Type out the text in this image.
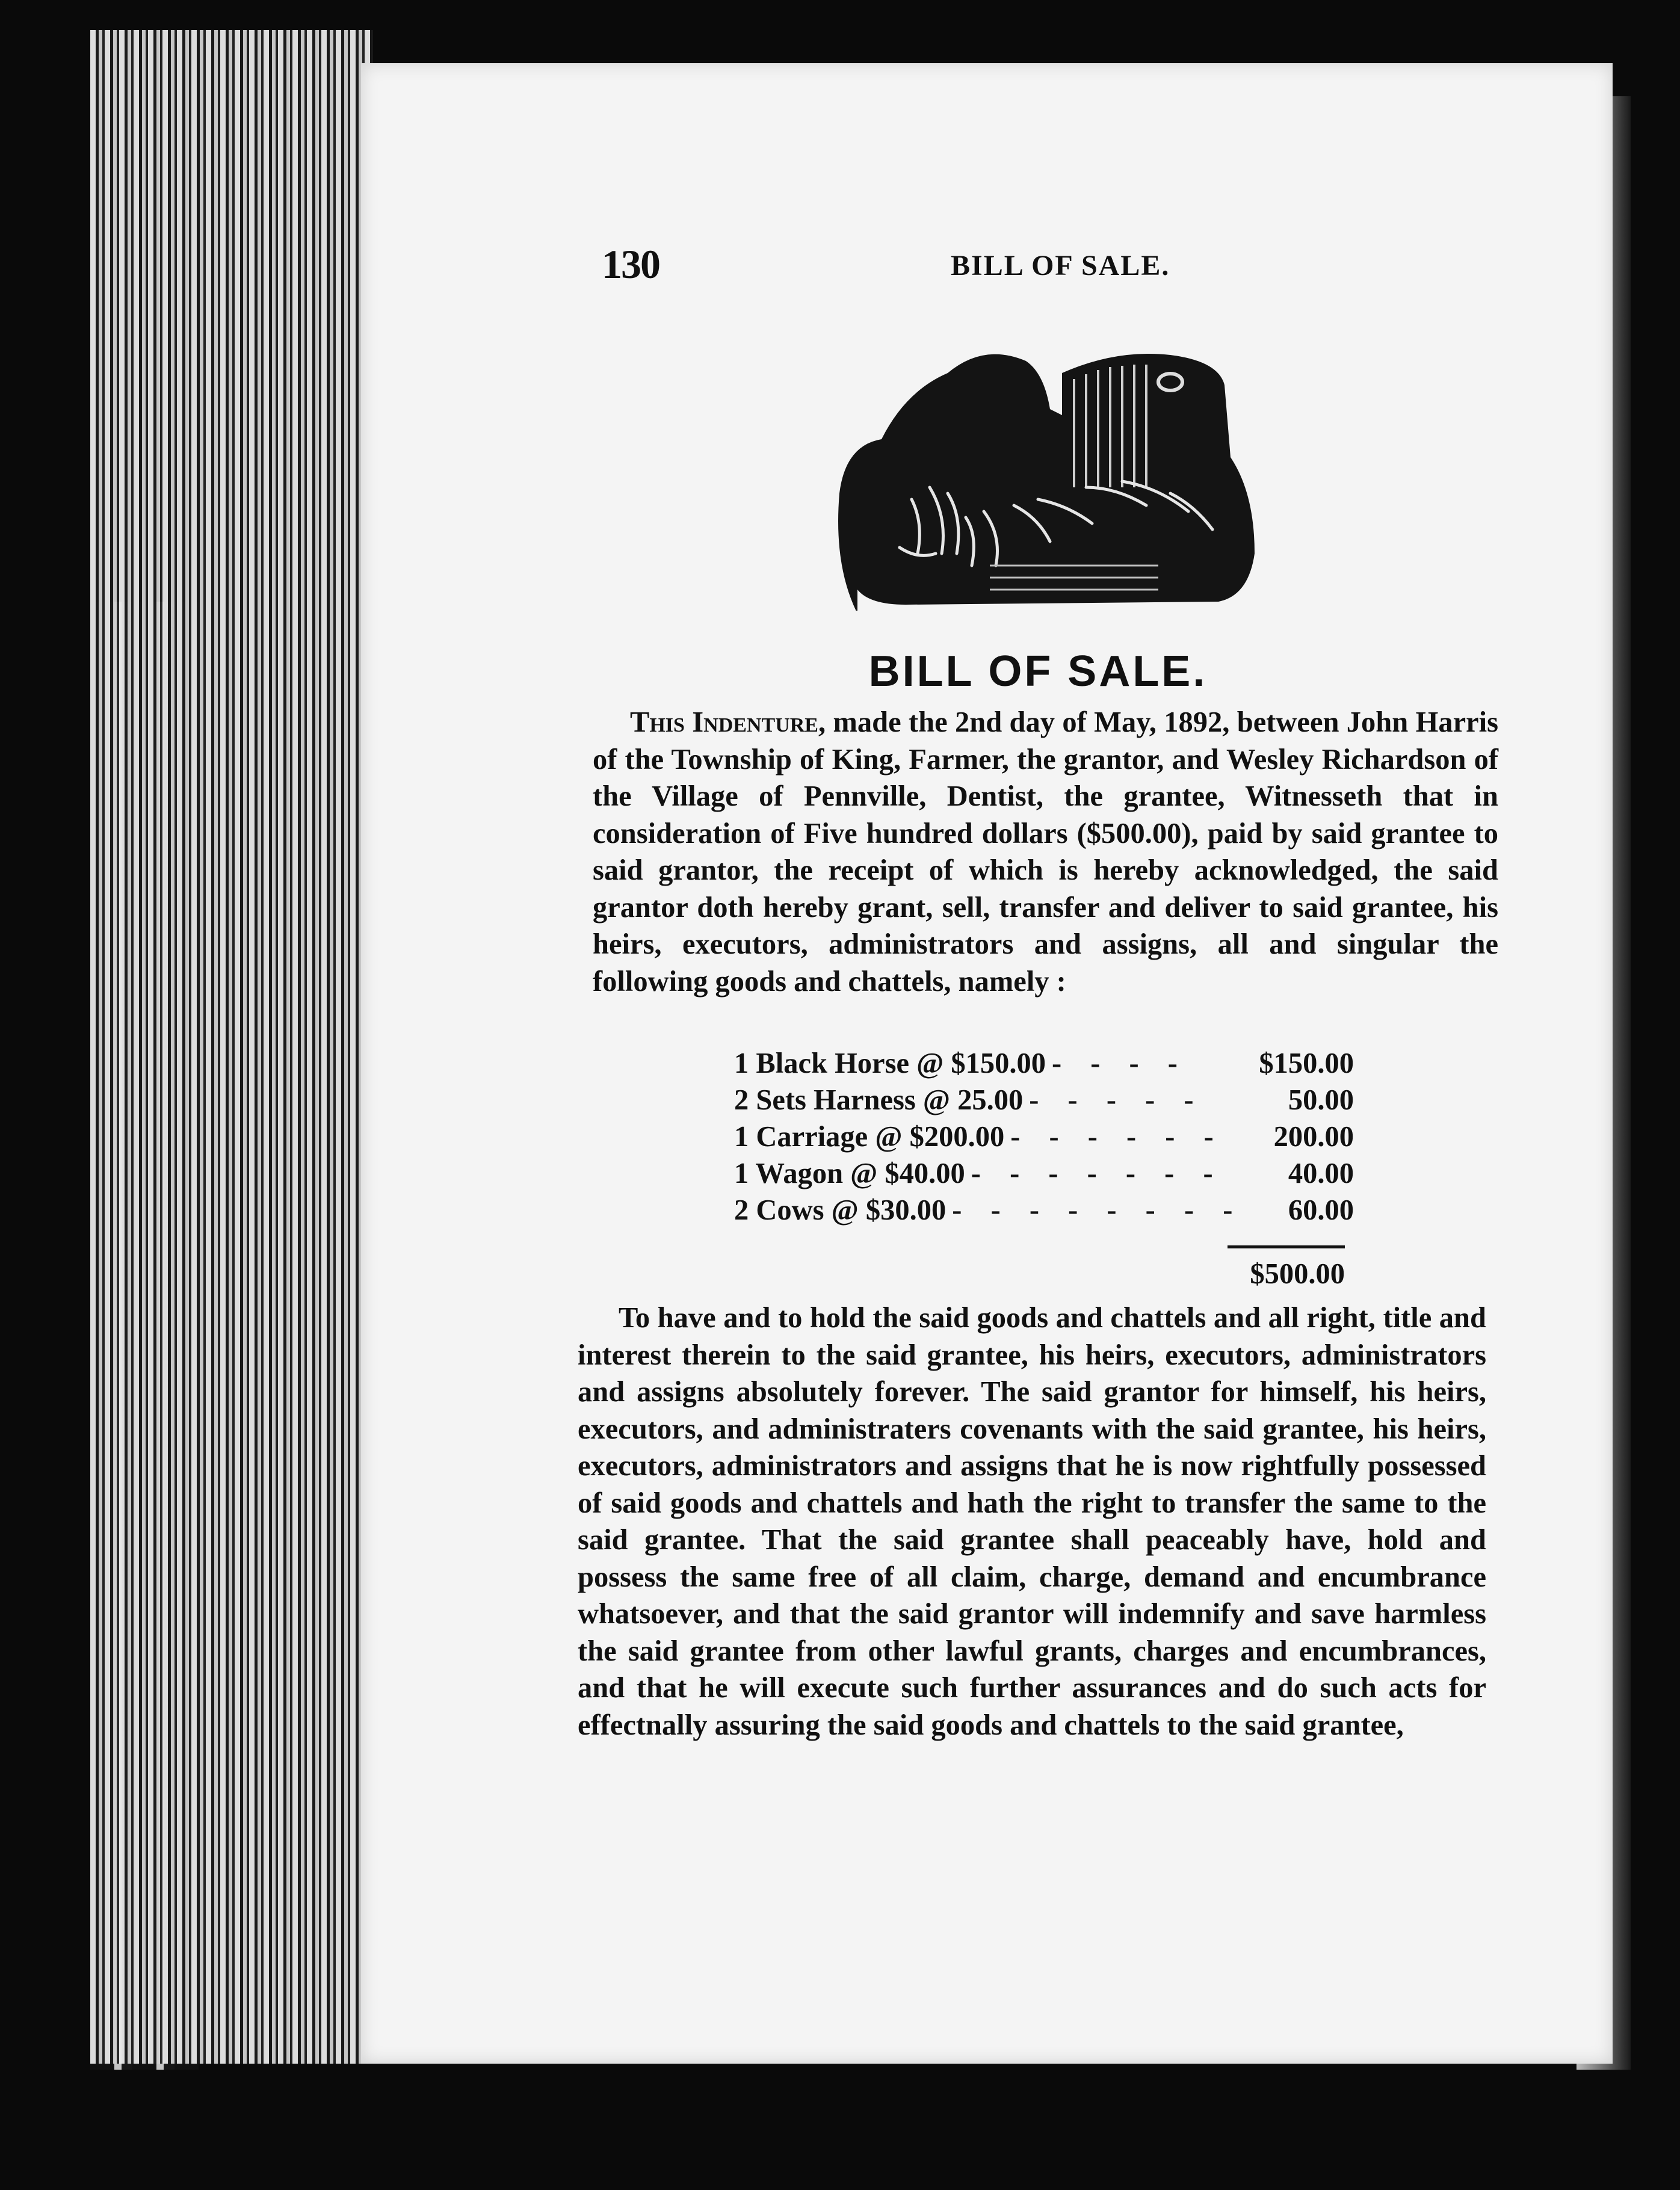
130	BILL OF SALE.
BILL OF SALE.

This Indenture, made the 2nd day of May, 1892, between John Harris of the Township of King, Farmer, the grantor, and Wesley Richardson of the Village of Pennville, Dentist, the grantee, Witnesseth that in consideration of Five hundred dollars ($500.00), paid by said grantee to said grantor, the receipt of which is hereby acknowledged, the said grantor doth hereby grant, sell, transfer and deliver to said grantee, his heirs, executors, administrators and assigns, all and singular the following goods and chattels, namely :

1 Black Horse @ $150.00 - - - -	$150.00
2 Sets Harness @ 25.00 - - - - -	50.00
1 Carriage @ $200.00 - - - - - -	200.00
1 Wagon @ $40.00 - - - - - - -	40.00
2 Cows @ $30.00 - - - - - - - -	60.00
$500.00

To have and to hold the said goods and chattels and all right, title and interest therein to the said grantee, his heirs, executors, administrators and assigns absolutely forever. The said grantor for himself, his heirs, executors, and administraters covenants with the said grantee, his heirs, executors, administrators and assigns that he is now rightfully possessed of said goods and chattels and hath the right to transfer the same to the said grantee. That the said grantee shall peaceably have, hold and possess the same free of all claim, charge, demand and encumbrance whatsoever, and that the said grantor will indemnify and save harmless the said grantee from other lawful grants, charges and encumbrances, and that he will execute such further assurances and do such acts for effectnally assuring the said goods and chattels to the said grantee,
